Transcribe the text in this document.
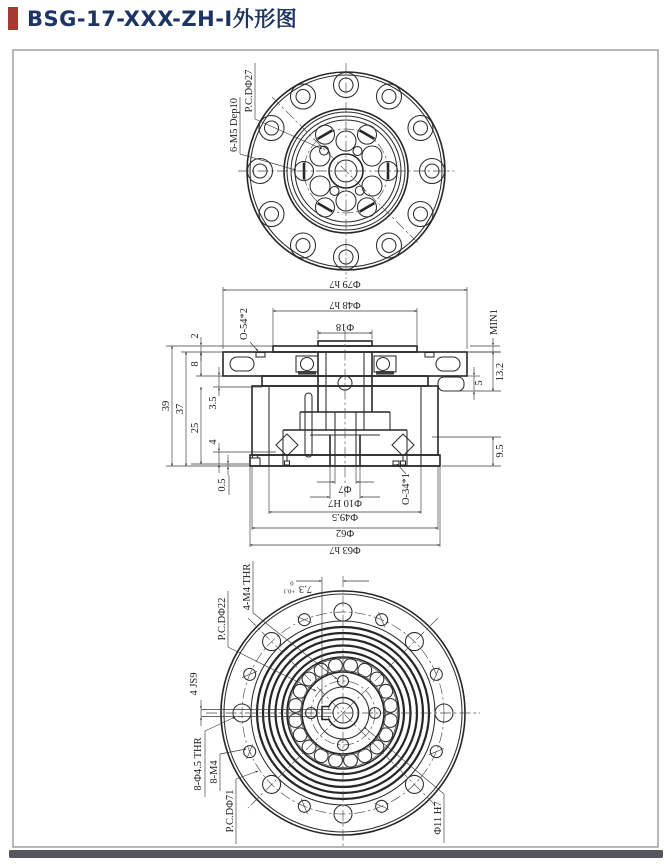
BSG-17-XXX-ZH-Ⅰ外形图
6-M5 Dep10
P.C.DΦ27
Φ79 h7
Φ48 h7
Φ18	MIN1
39 37
2
8
3.5
25
4
0.5
13.2
5
9.5
O-54*2
O-34*1
Φ7
Φ10 H7
Φ49.5
Φ62
Φ63 h7
7.3
+0.1
0
4 JS9
4-M4 THR
P.C.DΦ22
8-Φ4.5 THR 8-M4
P.C.DΦ71	Φ11 H7
